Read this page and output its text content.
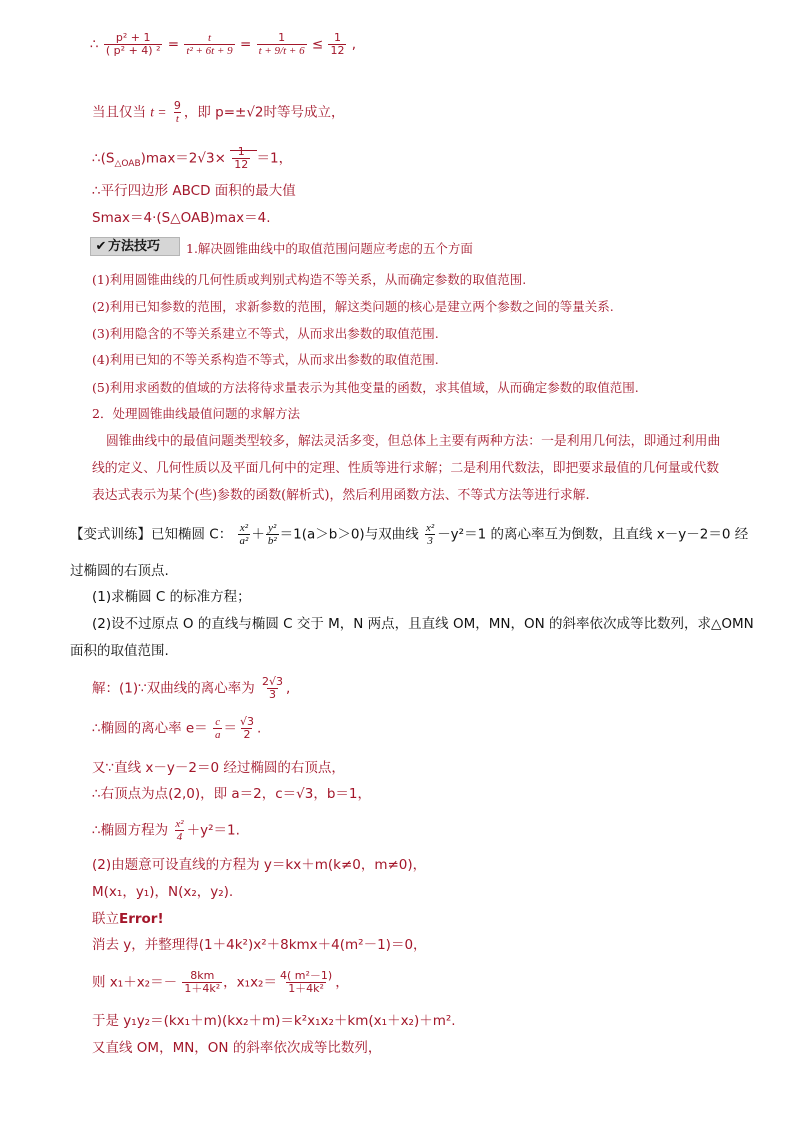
∴ $\frac{\text{p² + 1}}{\text{( p² + 4) ²}} = \frac{t}{\text{t² + 6t + 9}} = \frac{1}{t + 9/t + 6} \le \frac{1}{12}$ ,
当且仅当 $t = \frac{9}{t}$ ，即 p=±√2时等号成立，
$\therefore(S_{\triangle OAB})\max=2√3\times \frac{1}{12} =1$，
∴平行四边形 ABCD 面积的最大值
Smax＝4·(S△OAB)max＝4.
✔ 方法技巧	1.解决圆锥曲线中的取值范围问题应考虑的五个方面
(1)利用圆锥曲线的几何性质或判别式构造不等关系，从而确定参数的取值范围.
(2)利用已知参数的范围，求新参数的范围，解这类问题的核心是建立两个参数之间的等量关系.
(3)利用隐含的不等关系建立不等式，从而求出参数的取值范围.
(4)利用已知的不等关系构造不等式，从而求出参数的取值范围.
(5)利用求函数的值域的方法将待求量表示为其他变量的函数，求其值域，从而确定参数的取值范围.
2．处理圆锥曲线最值问题的求解方法
圆锥曲线中的最值问题类型较多，解法灵活多变，但总体上主要有两种方法：一是利用几何法，即通过利用曲线的定义、几何性质以及平面几何中的定理、性质等进行求解；二是利用代数法，即把要求最值的几何量或代数表达式表示为某个(些)参数的函数(解析式)，然后利用函数方法、不等式方法等进行求解.
【变式训练】已知椭圆 C： $\frac{\text{x²}}{\text{a²}} + \frac{\text{y²}}{\text{b²}} =1(a>b>0)$与双曲线 $\frac{\text{x²}}{3} -y^2=1$ 的离心率互为倒数，且直线 x－y－2＝0 经
过椭圆的右顶点.
(1)求椭圆 C 的标准方程；
(2)设不过原点 O 的直线与椭圆 C 交于 M，N 两点，且直线 OM，MN，ON 的斜率依次成等比数列，求△OMN
面积的取值范围.
解：(1)∵双曲线的离心率为 $\frac{2√3}{3}$ ,
∴椭圆的离心率 $e= \frac{c}{a} = \frac{√3}{2}$ .
又∵直线 x－y－2＝0 经过椭圆的右顶点，
∴右顶点为点(2,0)，即 a＝2，c＝√3，b＝1，
∴椭圆方程为 $\frac{\text{x²}}{4} +y^2=1$.
(2)由题意可设直线的方程为 y＝kx＋m(k≠0，m≠0)，
M(x₁，y₁)，N(x₂，y₂).
联立Error!
消去 y，并整理得(1＋4k²)x²＋8kmx＋4(m²－1)＝0，
则 $x_1+x_2=- \frac{8km}{\text{1＋4k²}}$ ，$x_1x_2= \frac{\text{4( m²－1)}}{\text{1＋4k²}}$ ，
于是 y₁y₂＝(kx₁＋m)(kx₂＋m)＝k²x₁x₂＋km(x₁＋x₂)＋m².
又直线 OM，MN，ON 的斜率依次成等比数列，
